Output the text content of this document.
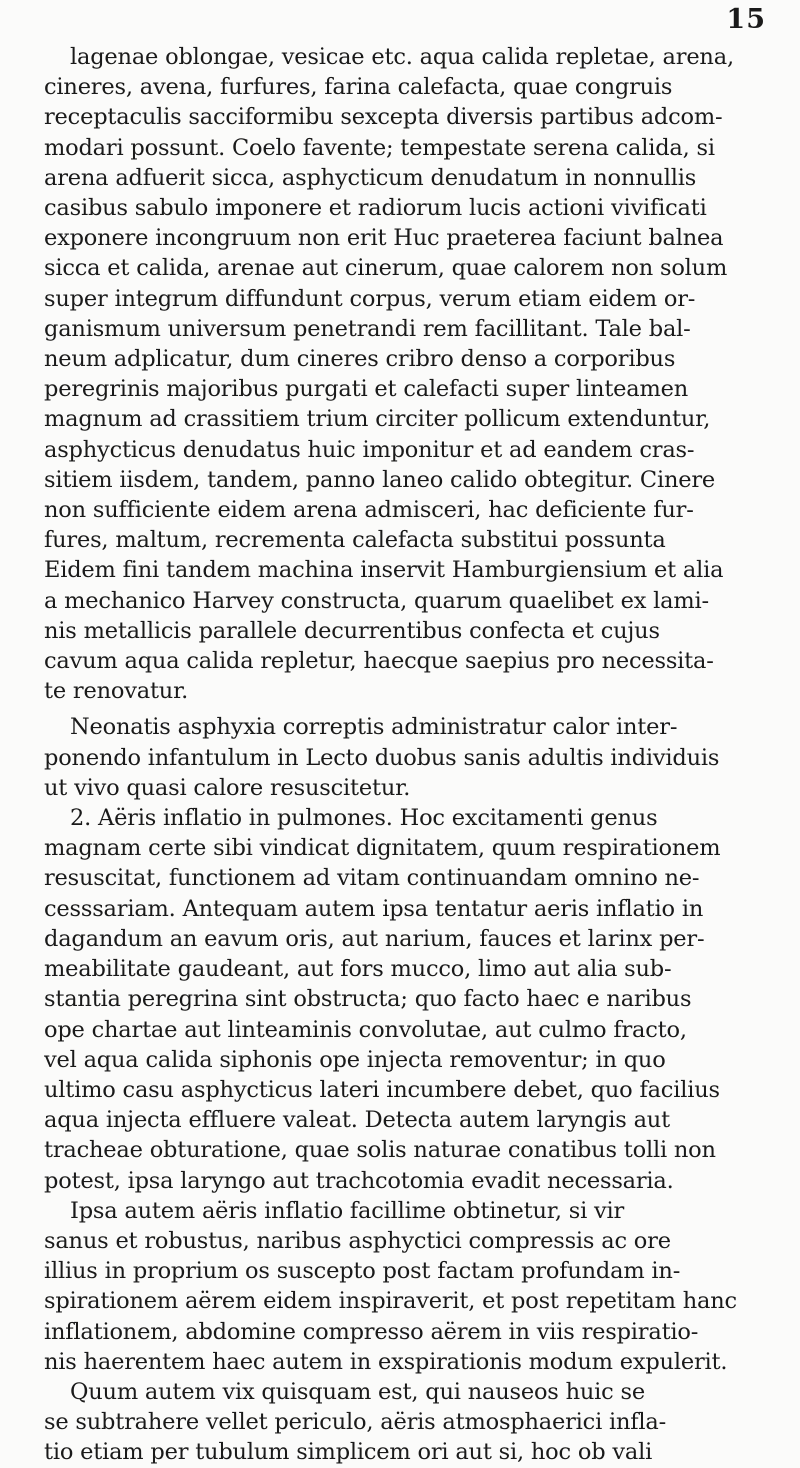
15
lagenae oblongae, vesicae etc. aqua calida repletae, arena,
cineres, avena, furfures, farina calefacta, quae congruis
receptaculis sacciformibu sexcepta diversis partibus adcom-
modari possunt. Coelo favente; tempestate serena calida, si
arena adfuerit sicca, asphycticum denudatum in nonnullis
casibus sabulo imponere et radiorum lucis actioni vivificati
exponere incongruum non erit Huc praeterea faciunt balnea
sicca et calida, arenae aut cinerum, quae calorem non solum
super integrum diffundunt corpus, verum etiam eidem or-
ganismum universum penetrandi rem facillitant. Tale bal-
neum adplicatur, dum cineres cribro denso a corporibus
peregrinis majoribus purgati et calefacti super linteamen
magnum ad crassitiem trium circiter pollicum extenduntur,
asphycticus denudatus huic imponitur et ad eandem cras-
sitiem iisdem, tandem, panno laneo calido obtegitur. Cinere
non sufficiente eidem arena admisceri, hac deficiente fur-
fures, maltum, recrementa calefacta substitui possunta
Eidem fini tandem machina inservit Hamburgiensium et alia
a mechanico Harvey constructa, quarum quaelibet ex lami-
nis metallicis parallele decurrentibus confecta et cujus
cavum aqua calida repletur, haecque saepius pro necessita-
te renovatur.
Neonatis asphyxia correptis administratur calor inter-
ponendo infantulum in Lecto duobus sanis adultis individuis
ut vivo quasi calore resuscitetur.
2. Aëris inflatio in pulmones. Hoc excitamenti genus
magnam certe sibi vindicat dignitatem, quum respirationem
resuscitat, functionem ad vitam continuandam omnino ne-
cesssariam. Antequam autem ipsa tentatur aeris inflatio in
dagandum an eavum oris, aut narium, fauces et larinx per-
meabilitate gaudeant, aut fors mucco, limo aut alia sub-
stantia peregrina sint obstructa; quo facto haec e naribus
ope chartae aut linteaminis convolutae, aut culmo fracto,
vel aqua calida siphonis ope injecta removentur; in quo
ultimo casu asphycticus lateri incumbere debet, quo facilius
aqua injecta effluere valeat. Detecta autem laryngis aut
tracheae obturatione, quae solis naturae conatibus tolli non
potest, ipsa laryngo aut trachcotomia evadit necessaria.
Ipsa autem aëris inflatio facillime obtinetur, si vir
sanus et robustus, naribus asphyctici compressis ac ore
illius in proprium os suscepto post factam profundam in-
spirationem aërem eidem inspiraverit, et post repetitam hanc
inflationem, abdomine compresso aërem in viis respiratio-
nis haerentem haec autem in exspirationis modum expulerit.
Quum autem vix quisquam est, qui nauseos huic se
se subtrahere vellet periculo, aëris atmosphaerici infla-
tio etiam per tubulum simplicem ori aut si, hoc ob vali
